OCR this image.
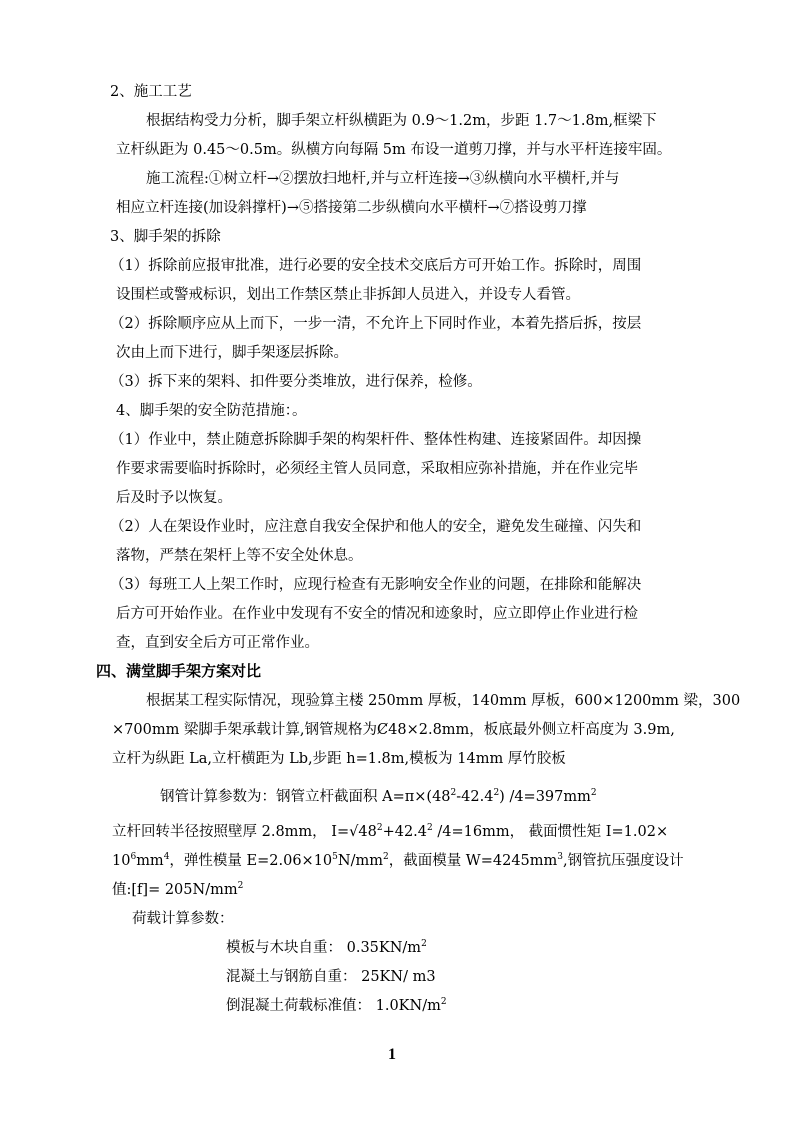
2、施工工艺
根据结构受力分析，脚手架立杆纵横距为 0.9～1.2m，步距 1.7～1.8m,框梁下
立杆纵距为 0.45～0.5m。纵横方向每隔 5m 布设一道剪刀撑，并与水平杆连接牢固。
施工流程:①树立杆→②摆放扫地杆,并与立杆连接→③纵横向水平横杆,并与
相应立杆连接(加设斜撑杆)→⑤搭接第二步纵横向水平横杆→⑦搭设剪刀撑
3、脚手架的拆除
（1）拆除前应报审批准，进行必要的安全技术交底后方可开始工作。拆除时，周围
设围栏或警戒标识，划出工作禁区禁止非拆卸人员进入，并设专人看管。
（2）拆除顺序应从上而下，一步一清，不允许上下同时作业，本着先搭后拆，按层
次由上而下进行，脚手架逐层拆除。
（3）拆下来的架料、扣件要分类堆放，进行保养，检修。
4、脚手架的安全防范措施：。
（1）作业中，禁止随意拆除脚手架的构架杆件、整体性构建、连接紧固件。却因操
作要求需要临时拆除时，必须经主管人员同意，采取相应弥补措施，并在作业完毕
后及时予以恢复。
（2）人在架设作业时，应注意自我安全保护和他人的安全，避免发生碰撞、闪失和
落物，严禁在架杆上等不安全处休息。
（3）每班工人上架工作时，应现行检查有无影响安全作业的问题，在排除和能解决
后方可开始作业。在作业中发现有不安全的情况和迹象时，应立即停止作业进行检
查，直到安全后方可正常作业。
四、满堂脚手架方案对比
根据某工程实际情况，现验算主楼 250mm 厚板，140mm 厚板，600×1200mm 梁，300
×700mm 梁脚手架承载计算,钢管规格为Ȼ48×2.8mm，板底最外侧立杆高度为 3.9m,
立杆为纵距 La,立杆横距为 Lb,步距 h=1.8m,模板为 14mm 厚竹胶板
钢管计算参数为：钢管立杆截面积 $A=\pi\times(48^2-42.4^2)$ $/4=397mm^2$
立杆回转半径按照壁厚 2.8mm， $I=√48^2+42.4^2$ /4=16mm， 截面惯性矩 I=1.02×
$10^6mm^4$，弹性模量 $E=2.06\times 10^5N/mm^2$，截面模量 $W=4245mm^3$,钢管抗压强度设计
值:[f]= $205N/mm^2$
荷载计算参数：
模板与木块自重： $0.35KN/m^2$
混凝土与钢筋自重： 25KN/ m3
倒混凝土荷载标准值： $1.0KN/m^2$
1
